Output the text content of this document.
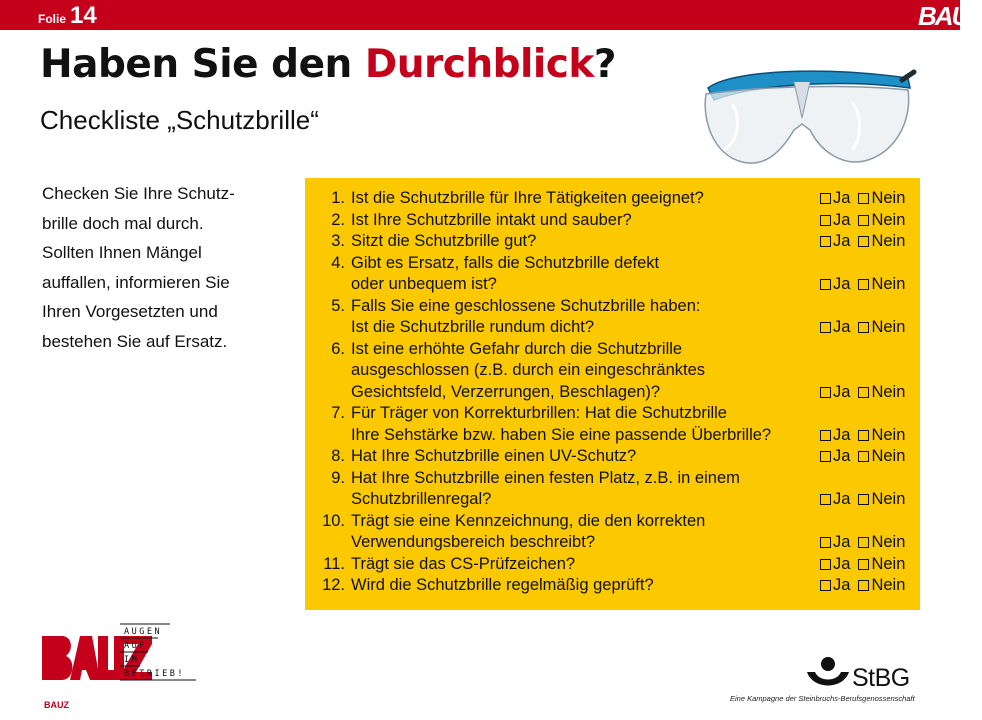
Folie 14	BAUZ
Haben Sie den Durchblick?
Checkliste „Schutzbrille“
Checken Sie Ihre Schutz-
brille doch mal durch.
Sollten Ihnen Mängel
auffallen, informieren Sie
Ihren Vorgesetzten und
bestehen Sie auf Ersatz.
1. Ist die Schutzbrille für Ihre Tätigkeiten geeignet?	Ja Nein
2. Ist Ihre Schutzbrille intakt und sauber?	Ja Nein
3. Sitzt die Schutzbrille gut?	Ja Nein
4. Gibt es Ersatz, falls die Schutzbrille defekt
oder unbequem ist?	Ja Nein
5. Falls Sie eine geschlossene Schutzbrille haben:
Ist die Schutzbrille rundum dicht?	Ja Nein
6. Ist eine erhöhte Gefahr durch die Schutzbrille
ausgeschlossen (z.B. durch ein eingeschränktes
Gesichtsfeld, Verzerrungen, Beschlagen)?	Ja Nein
7. Für Träger von Korrekturbrillen: Hat die Schutzbrille
Ihre Sehstärke bzw. haben Sie eine passende Überbrille?	Ja Nein
8. Hat Ihre Schutzbrille einen UV-Schutz?	Ja Nein
9. Hat Ihre Schutzbrille einen festen Platz, z.B. in einem
Schutzbrillenregal?	Ja Nein
10. Trägt sie eine Kennzeichnung, die den korrekten
Verwendungsbereich beschreibt?	Ja Nein
11. Trägt sie das CS-Prüfzeichen?	Ja Nein
12. Wird die Schutzbrille regelmäßig geprüft?	Ja Nein
BAUZ
AUGEN
AUF
IM
BETRIEB!	StBG
Eine Kampagne der Steinbruchs-Berufsgenossenschaft
